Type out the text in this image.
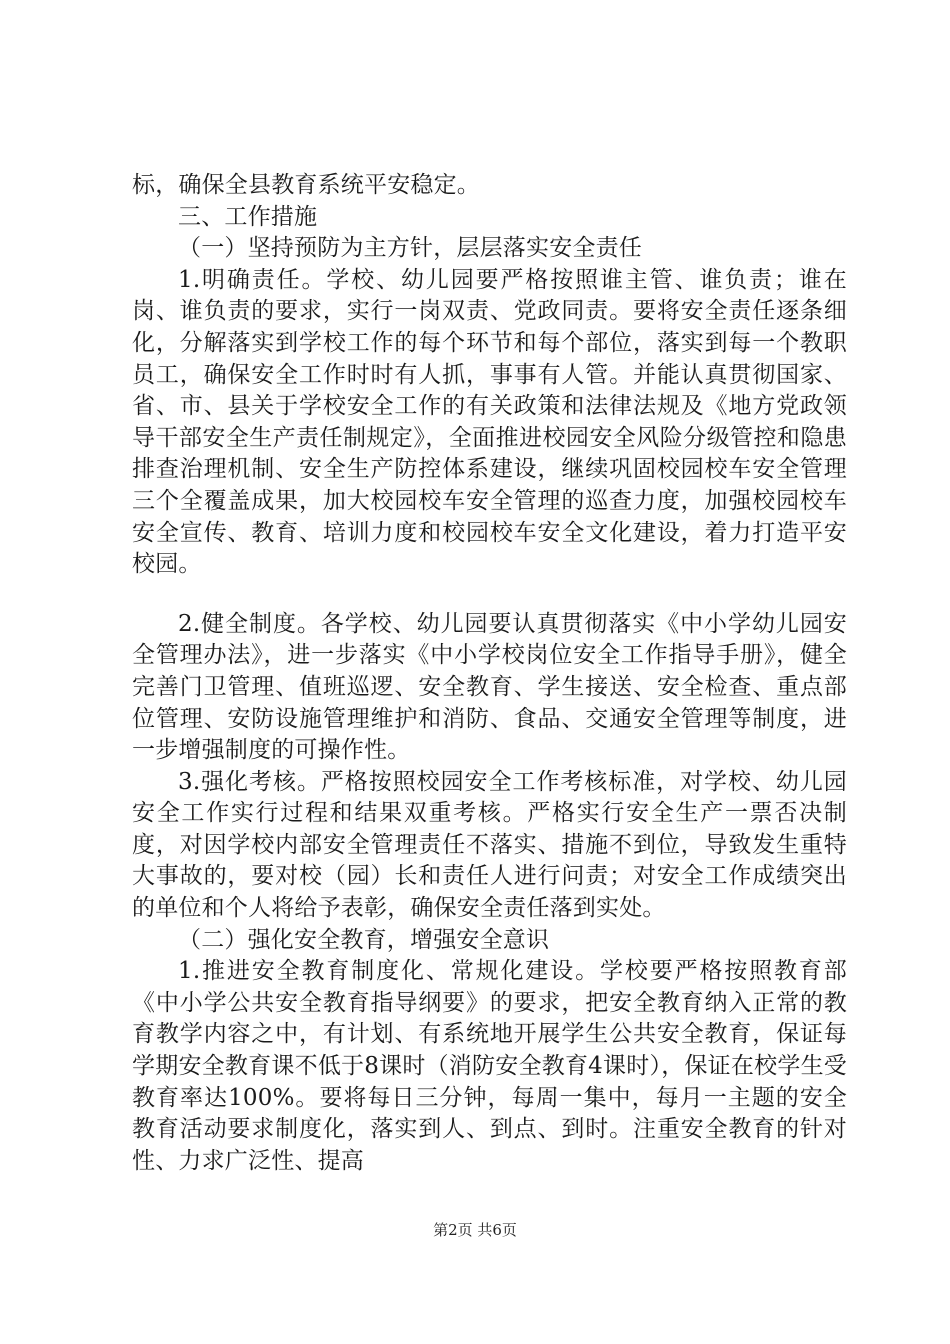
标，确保全县教育系统平安稳定。

三、工作措施

（一）坚持预防为主方针，层层落实安全责任

1.明确责任。学校、幼儿园要严格按照谁主管、谁负责；谁在岗、谁负责的要求，实行一岗双责、党政同责。要将安全责任逐条细化，分解落实到学校工作的每个环节和每个部位，落实到每一个教职员工，确保安全工作时时有人抓，事事有人管。并能认真贯彻国家、省、市、县关于学校安全工作的有关政策和法律法规及《地方党政领导干部安全生产责任制规定》，全面推进校园安全风险分级管控和隐患排查治理机制、安全生产防控体系建设，继续巩固校园校车安全管理三个全覆盖成果，加大校园校车安全管理的巡查力度，加强校园校车安全宣传、教育、培训力度和校园校车安全文化建设，着力打造平安校园。

2.健全制度。各学校、幼儿园要认真贯彻落实《中小学幼儿园安全管理办法》，进一步落实《中小学校岗位安全工作指导手册》，健全完善门卫管理、值班巡逻、安全教育、学生接送、安全检查、重点部位管理、安防设施管理维护和消防、食品、交通安全管理等制度，进一步增强制度的可操作性。

3.强化考核。严格按照校园安全工作考核标准，对学校、幼儿园安全工作实行过程和结果双重考核。严格实行安全生产一票否决制度，对因学校内部安全管理责任不落实、措施不到位，导致发生重特大事故的，要对校（园）长和责任人进行问责；对安全工作成绩突出的单位和个人将给予表彰，确保安全责任落到实处。

（二）强化安全教育，增强安全意识

1.推进安全教育制度化、常规化建设。学校要严格按照教育部《中小学公共安全教育指导纲要》的要求，把安全教育纳入正常的教育教学内容之中，有计划、有系统地开展学生公共安全教育，保证每学期安全教育课不低于8课时（消防安全教育4课时），保证在校学生受教育率达100%。要将每日三分钟，每周一集中，每月一主题的安全教育活动要求制度化，落实到人、到点、到时。注重安全教育的针对性、力求广泛性、提高

第2页 共6页
